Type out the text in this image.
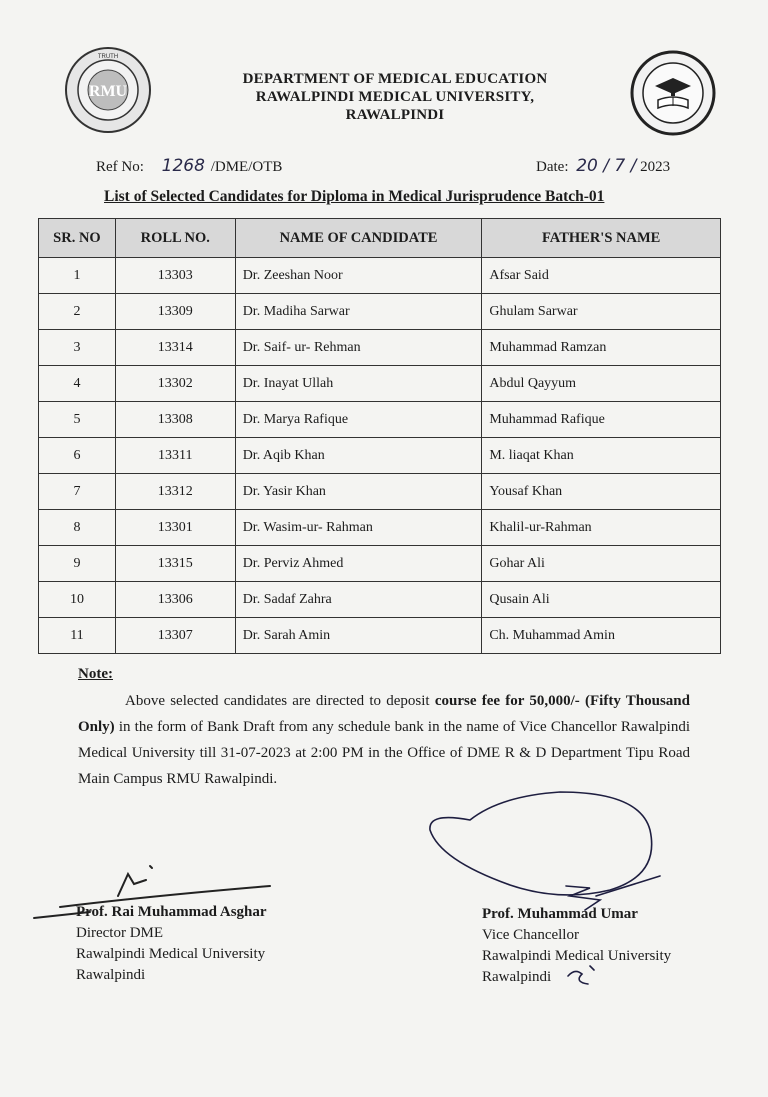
RMU
TRUTH
DEPARTMENT OF MEDICAL EDUCATION
RAWALPINDI MEDICAL UNIVERSITY,
RAWALPINDI
Ref No: 1268 /DME/OTB	Date: 20 / 7 / 2023
List of Selected Candidates for Diploma in Medical Jurisprudence Batch-01
SR. NO	ROLL NO.	NAME OF CANDIDATE	FATHER'S NAME
1	13303	Dr. Zeeshan Noor	Afsar Said
2	13309	Dr. Madiha Sarwar	Ghulam Sarwar
3	13314	Dr. Saif- ur- Rehman	Muhammad Ramzan
4	13302	Dr. Inayat Ullah	Abdul Qayyum
5	13308	Dr. Marya Rafique	Muhammad Rafique
6	13311	Dr. Aqib Khan	M. liaqat Khan
7	13312	Dr. Yasir Khan	Yousaf Khan
8	13301	Dr. Wasim-ur- Rahman	Khalil-ur-Rahman
9	13315	Dr. Perviz Ahmed	Gohar Ali
10	13306	Dr. Sadaf Zahra	Qusain Ali
11	13307	Dr. Sarah Amin	Ch. Muhammad Amin
Note:
Above selected candidates are directed to deposit course fee for 50,000/- (Fifty Thousand Only) in the form of Bank Draft from any schedule bank in the name of Vice Chancellor Rawalpindi Medical University till 31-07-2023 at 2:00 PM in the Office of DME R & D Department Tipu Road Main Campus RMU Rawalpindi.
Prof. Rai Muhammad Asghar
Director DME
Rawalpindi Medical University
Rawalpindi
Prof. Muhammad Umar
Vice Chancellor
Rawalpindi Medical University
Rawalpindi
